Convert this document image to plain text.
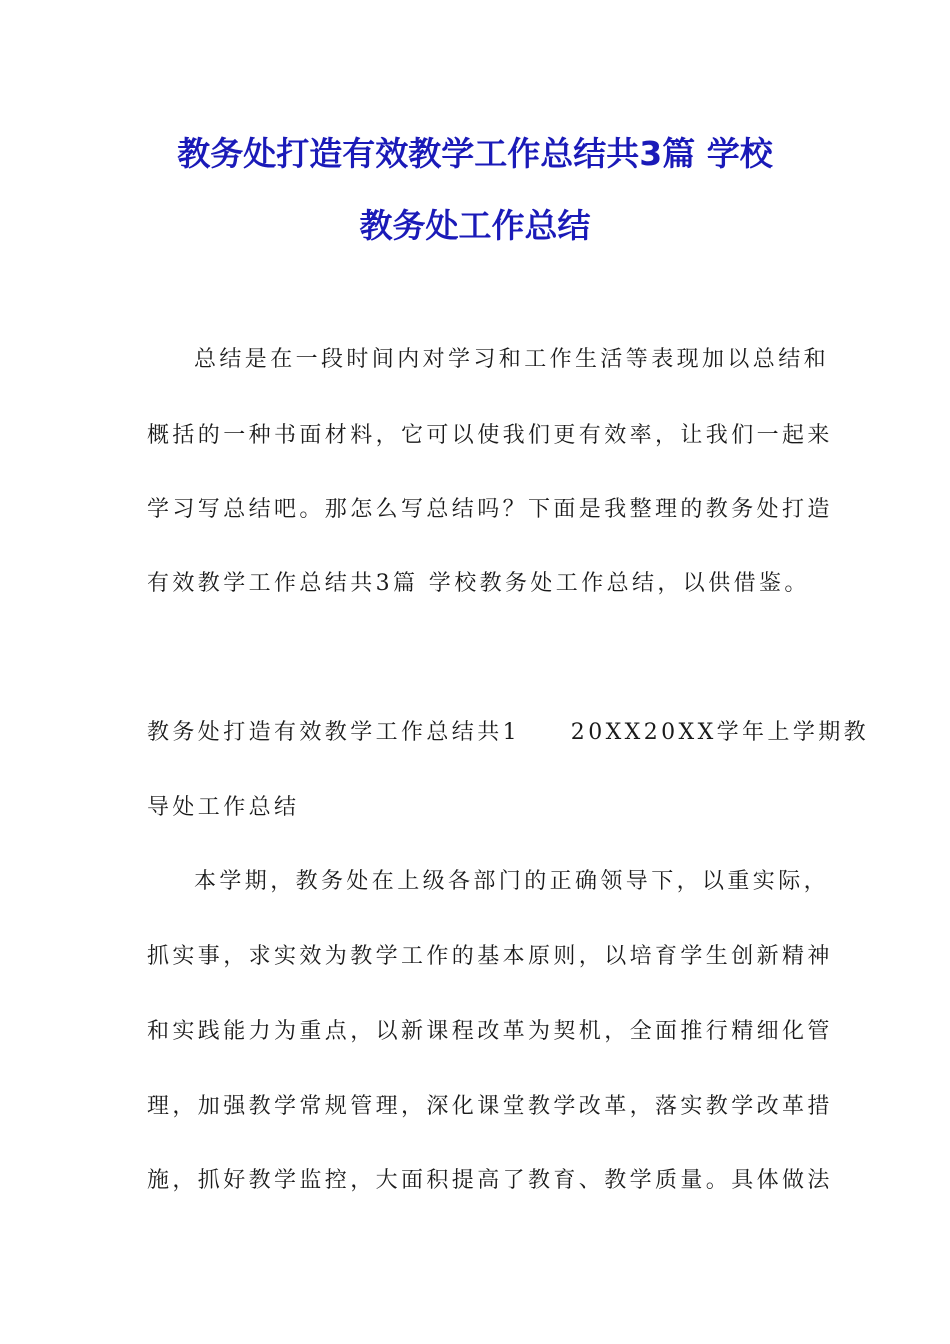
教务处打造有效教学工作总结共3篇 学校
教务处工作总结
总结是在一段时间内对学习和工作生活等表现加以总结和
概括的一种书面材料，它可以使我们更有效率，让我们一起来
学习写总结吧。那怎么写总结吗？下面是我整理的教务处打造
有效教学工作总结共3篇 学校教务处工作总结，以供借鉴。
教务处打造有效教学工作总结共1　　20XX20XX学年上学期教
导处工作总结
本学期，教务处在上级各部门的正确领导下，以重实际，
抓实事，求实效为教学工作的基本原则，以培育学生创新精神
和实践能力为重点，以新课程改革为契机，全面推行精细化管
理，加强教学常规管理，深化课堂教学改革，落实教学改革措
施，抓好教学监控，大面积提高了教育、教学质量。具体做法
